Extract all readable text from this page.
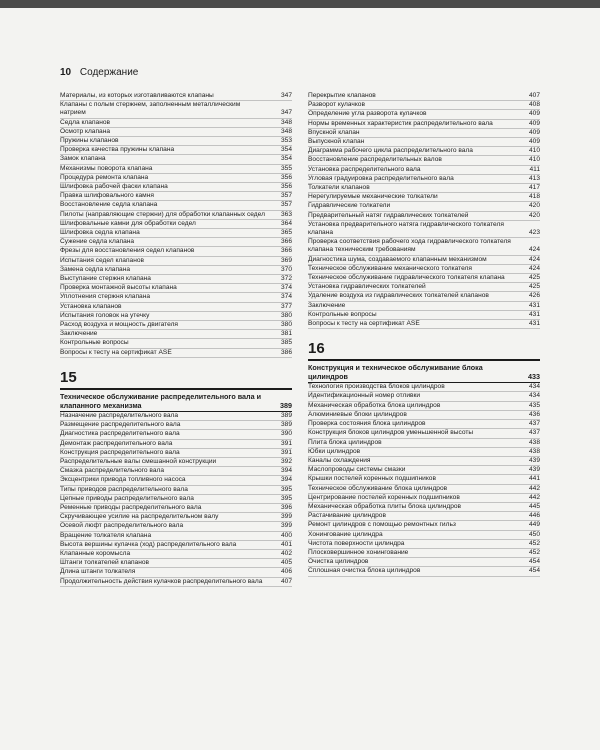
10 Содержание
Материалы, из которых изготавливаются клапаны	347
Клапаны с полым стержнем, заполненным металлическим натрием	347
Седла клапанов	348
Осмотр клапана	348
Пружины клапанов	353
Проверка качества пружины клапана	354
Замок клапана	354
Механизмы поворота клапана	355
Процедура ремонта клапана	356
Шлифовка рабочей фаски клапана	356
Правка шлифовального камня	357
Восстановление седла клапана	357
Пилоты (направляющие стержни) для обработки клапанных седел	363
Шлифовальные камни для обработки седел	364
Шлифовка седла клапана	365
Сужение седла клапана	366
Фрезы для восстановления седел клапанов	366
Испытания седел клапанов	369
Замена седла клапана	370
Выступание стержня клапана	372
Проверка монтажной высоты клапана	374
Уплотнения стержня клапана	374
Установка клапанов	377
Испытания головок на утечку	380
Расход воздуха и мощность двигателя	380
Заключение	381
Контрольные вопросы	385
Вопросы к тесту на сертификат ASE	386
15
Техническое обслуживание распределительного вала и клапанного механизма	389
Назначение распределительного вала	389
Размещение распределительного вала	389
Диагностика распределительного вала	390
Демонтаж распределительного вала	391
Конструкция распределительного вала	391
Распределительные валы смешанной конструкции	392
Смазка распределительного вала	394
Эксцентрики привода топливного насоса	394
Типы приводов распределительного вала	395
Цепные приводы распределительного вала	395
Ременные приводы распределительного вала	396
Скручивающее усилие на распределительном валу	399
Осевой люфт распределительного вала	399
Вращение толкателя клапана	400
Высота вершины кулачка (ход) распределительного вала	401
Клапанные коромысла	402
Штанги толкателей клапанов	405
Длина штанги толкателя	406
Продолжительность действия кулачков распределительного вала	407
Перекрытие клапанов	407
Разворот кулачков	408
Определение угла разворота кулачков	409
Нормы временных характеристик распределительного вала	409
Впускной клапан	409
Выпускной клапан	409
Диаграмма рабочего цикла распределительного вала	410
Восстановление распределительных валов	410
Установка распределительного вала	411
Угловая градуировка распределительного вала	413
Толкатели клапанов	417
Нерегулируемые механические толкатели	418
Гидравлические толкатели	420
Предварительный натяг гидравлических толкателей	420
Установка предварительного натяга гидравлического толкателя клапана	423
Проверка соответствия рабочего хода гидравлического толкателя клапана техническим требованиям	424
Диагностика шума, создаваемого клапанным механизмом	424
Техническое обслуживание механического толкателя	424
Техническое обслуживание гидравлического толкателя клапана	425
Установка гидравлических толкателей	425
Удаление воздуха из гидравлических толкателей клапанов	426
Заключение	431
Контрольные вопросы	431
Вопросы к тесту на сертификат ASE	431
16
Конструкция и техническое обслуживание блока цилиндров	433
Технология производства блоков цилиндров	434
Идентификационный номер отливки	434
Механическая обработка блока цилиндров	435
Алюминиевые блоки цилиндров	436
Проверка состояния блока цилиндров	437
Конструкция блоков цилиндров уменьшенной высоты	437
Плита блока цилиндров	438
Юбки цилиндров	438
Каналы охлаждения	439
Маслопроводы системы смазки	439
Крышки постелей коренных подшипников	441
Техническое обслуживание блока цилиндров	442
Центрирование постелей коренных подшипников	442
Механическая обработка плиты блока цилиндров	445
Растачивание цилиндров	446
Ремонт цилиндров с помощью ремонтных гильз	449
Хонингование цилиндра	450
Чистота поверхности цилиндра	452
Плосковершинное хонингование	452
Очистка цилиндров	454
Сплошная очистка блока цилиндров	454
